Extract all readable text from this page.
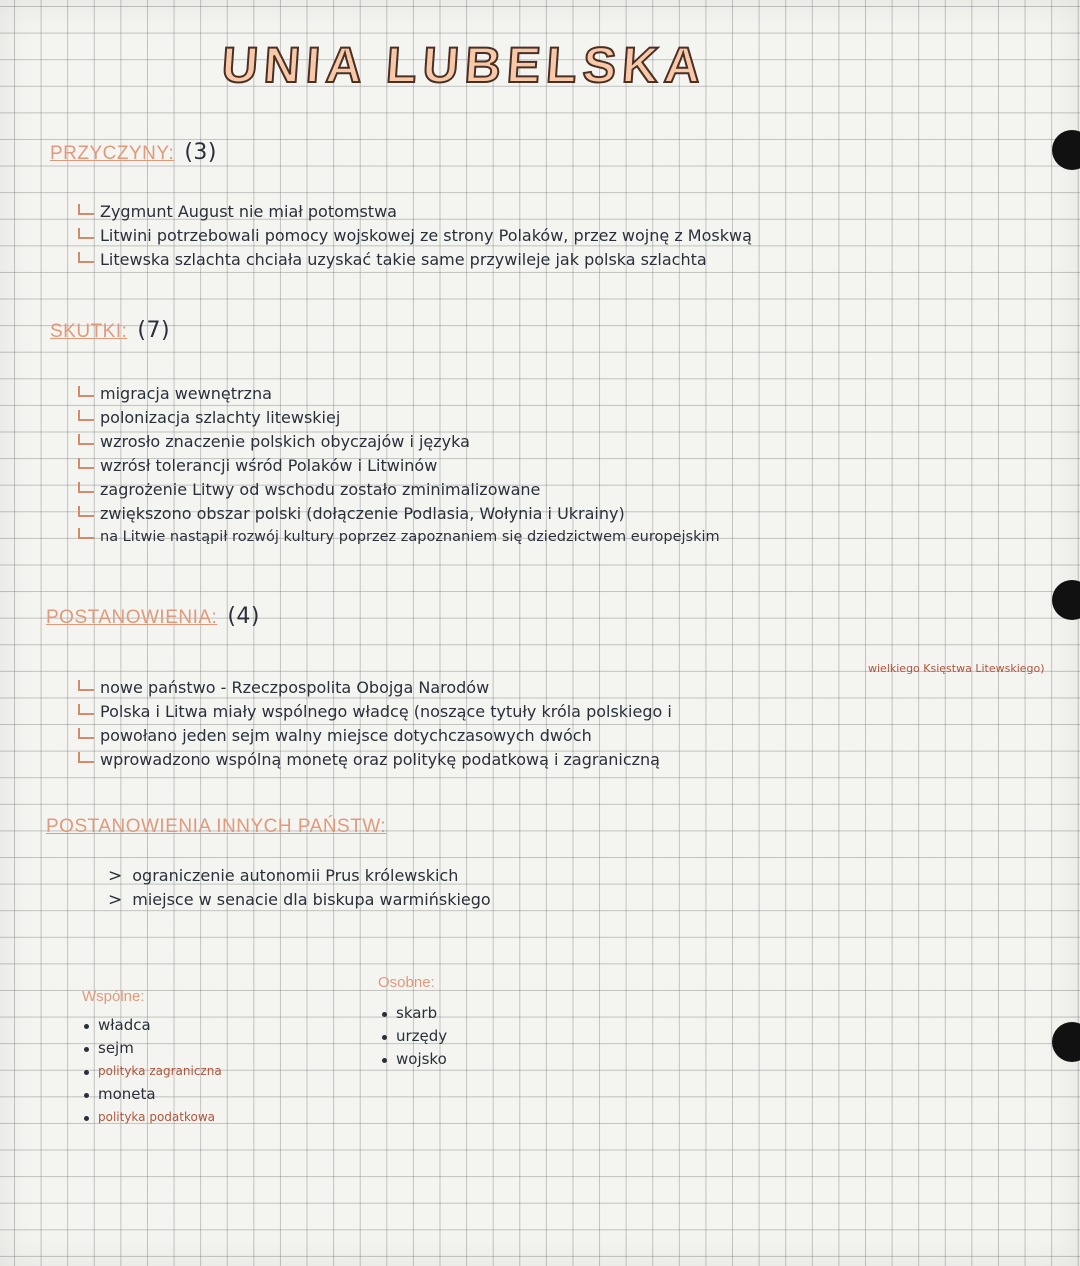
UNIA LUBELSKA
PRZYCZYNY: (3)
Zygmunt August nie miał potomstwa
Litwini potrzebowali pomocy wojskowej ze strony Polaków, przez wojnę z Moskwą
Litewska szlachta chciała uzyskać takie same przywileje jak polska szlachta
SKUTKI: (7)
migracja wewnętrzna
polonizacja szlachty litewskiej
wzrosło znaczenie polskich obyczajów i języka
wzrósł tolerancji wśród Polaków i Litwinów
zagrożenie Litwy od wschodu zostało zminimalizowane
zwiększono obszar polski (dołączenie Podlasia, Wołynia i Ukrainy)
na Litwie nastąpił rozwój kultury poprzez zapoznaniem się dziedzictwem europejskim
POSTANOWIENIA: (4)
wielkiego Księstwa Litewskiego)
nowe państwo - Rzeczpospolita Obojga Narodów
Polska i Litwa miały wspólnego władcę (noszące tytuły króla polskiego i
powołano jeden sejm walny miejsce dotychczasowych dwóch
wprowadzono wspólną monetę oraz politykę podatkową i zagraniczną
POSTANOWIENIA INNYCH PAŃSTW:
> ograniczenie autonomii Prus królewskich
> miejsce w senacie dla biskupa warmińskiego
Wspólne:
władca
sejm
polityka zagraniczna
moneta
polityka podatkowa
Osobne:
skarb
urzędy
wojsko
